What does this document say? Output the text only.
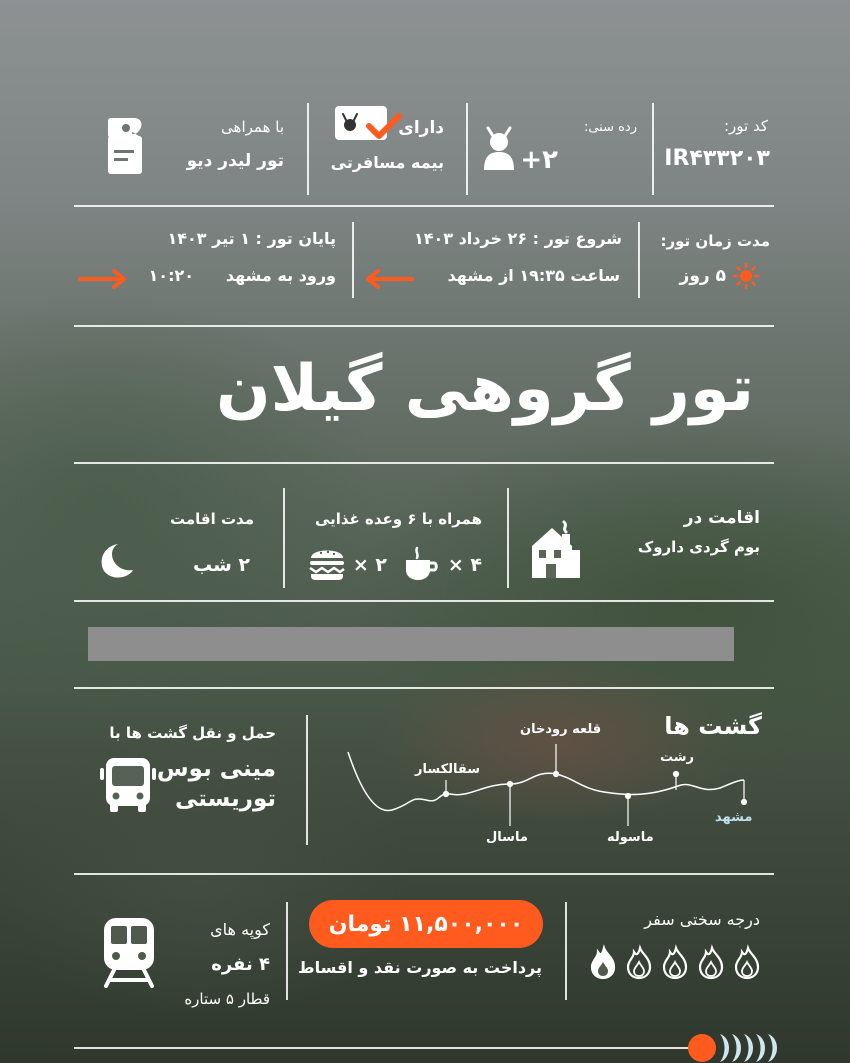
کد تور:
IR۴۳۳۲۰۳
رده سنی:
۲+
دارای
بیمه مسافرتی
با همراهی
تور لیدر دیو
مدت زمان تور:
۵ روز
شروع تور : ۲۶ خرداد ۱۴۰۳
ساعت ۱۹:۳۵ از مشهد
پایان تور : ۱ تیر ۱۴۰۳
ورود به مشهد
۱۰:۲۰
تور گروهی گیلان
اقامت در
بوم گردی داروک
همراه با ۶ وعده غذایی
۴ ×
۲ ×
مدت اقامت
۲ شب
گشت ها
مشهد
رشت
ماسوله
قلعه رودخان
ماسال
سقالکسار
حمل و نقل گشت ها با
مینی بوس
توریستی
درجه سختی سفر
۱۱,۵۰۰,۰۰۰ تومان
پرداخت به صورت نقد و اقساط
کوپه های
۴ نفره
قطار ۵ ستاره
